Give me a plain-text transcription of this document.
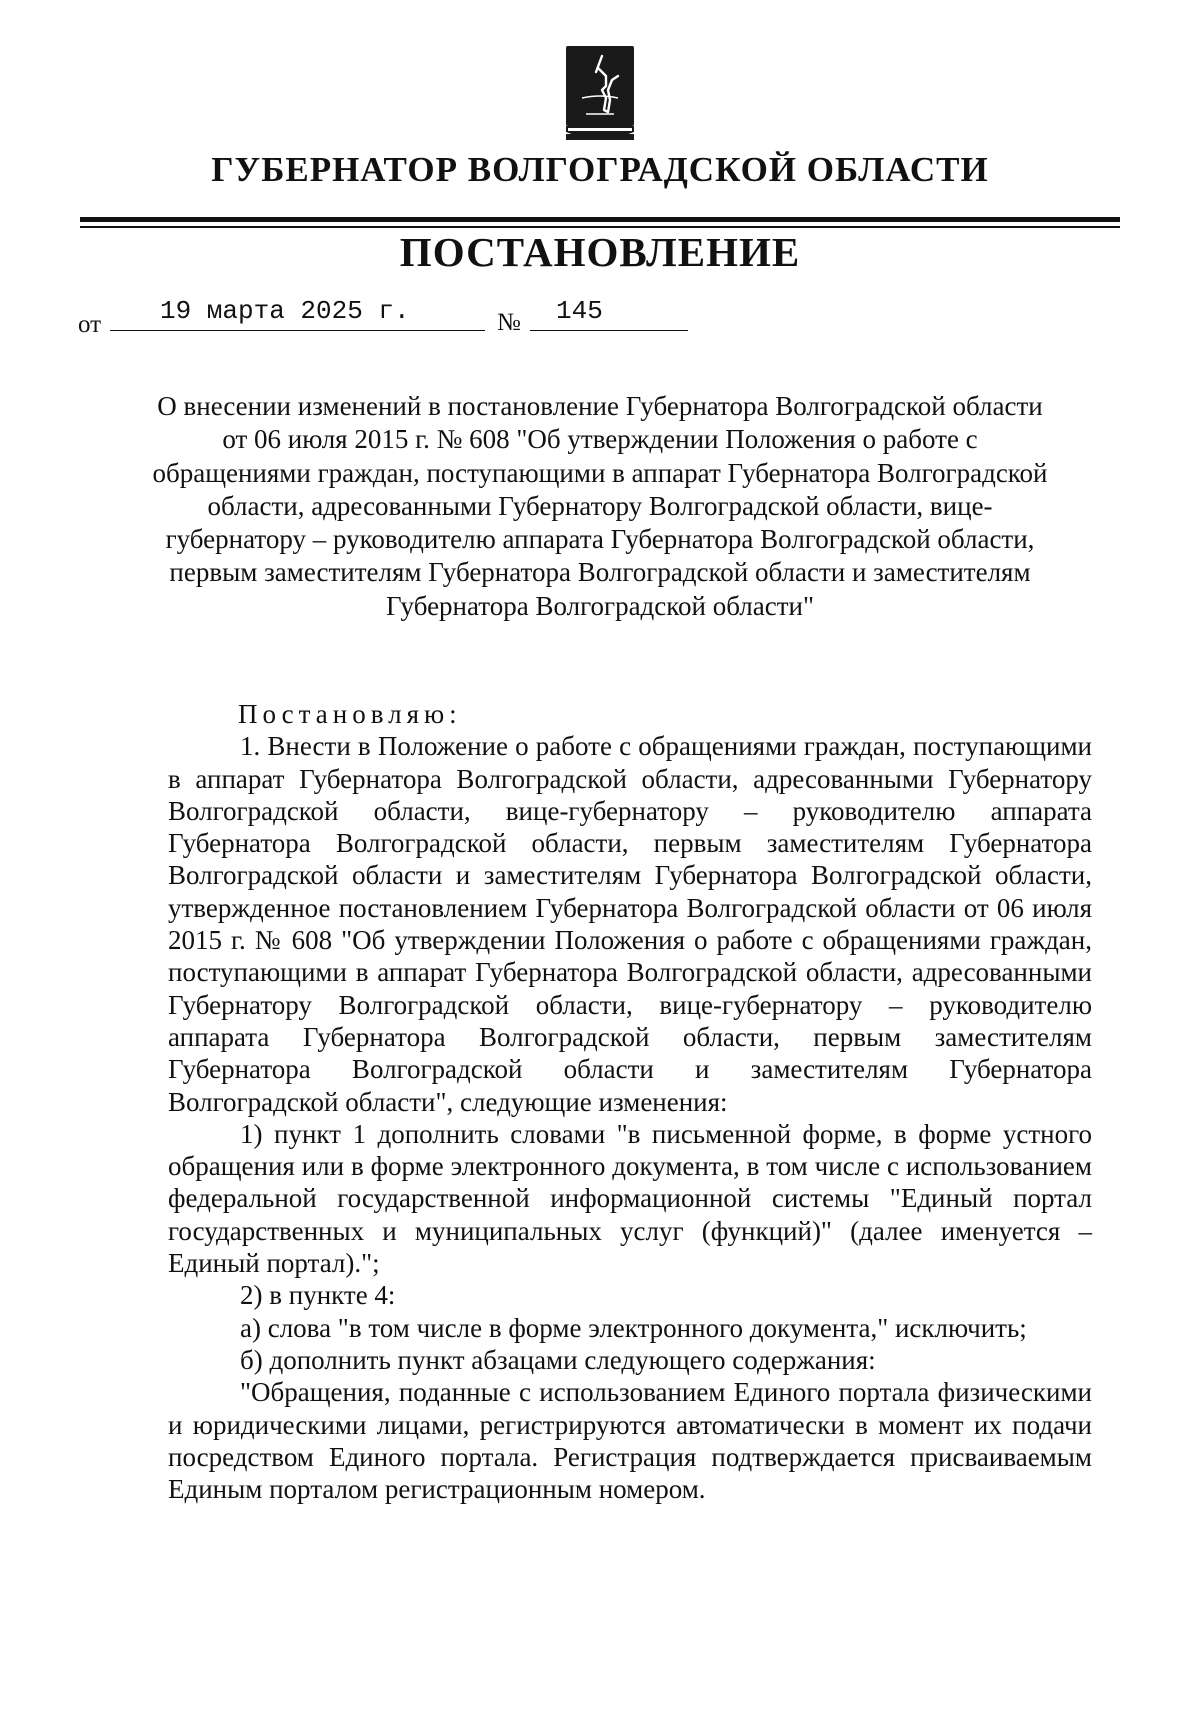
ГУБЕРНАТОР ВОЛГОГРАДСКОЙ ОБЛАСТИ
ПОСТАНОВЛЕНИЕ
от 19 марта 2025 г.	№ 145
О внесении изменений в постановление Губернатора Волгоградской области от 06 июля 2015 г. № 608 "Об утверждении Положения о работе с обращениями граждан, поступающими в аппарат Губернатора Волгоградской области, адресованными Губернатору Волгоградской области, вице-губернатору – руководителю аппарата Губернатора Волгоградской области, первым заместителям Губернатора Волгоградской области и заместителям Губернатора Волгоградской области"

Постановляю:

1. Внести в Положение о работе с обращениями граждан, поступающими в аппарат Губернатора Волгоградской области, адресованными Губернатору Волгоградской области, вице-губернатору – руководителю аппарата Губернатора Волгоградской области, первым заместителям Губернатора Волгоградской области и заместителям Губернатора Волгоградской области, утвержденное постановлением Губернатора Волгоградской области от 06 июля 2015 г. № 608 "Об утверждении Положения о работе с обращениями граждан, поступающими в аппарат Губернатора Волгоградской области, адресованными Губернатору Волгоградской области, вице-губернатору – руководителю аппарата Губернатора Волгоградской области, первым заместителям Губернатора Волгоградской области и заместителям Губернатора Волгоградской области", следующие изменения:

1) пункт 1 дополнить словами "в письменной форме, в форме устного обращения или в форме электронного документа, в том числе с использованием федеральной государственной информационной системы "Единый портал государственных и муниципальных услуг (функций)" (далее именуется – Единый портал).";

2) в пункте 4:

а) слова "в том числе в форме электронного документа," исключить;

б) дополнить пункт абзацами следующего содержания:

"Обращения, поданные с использованием Единого портала физическими и юридическими лицами, регистрируются автоматически в момент их подачи посредством Единого портала. Регистрация подтверждается присваиваемым Единым порталом регистрационным номером.
